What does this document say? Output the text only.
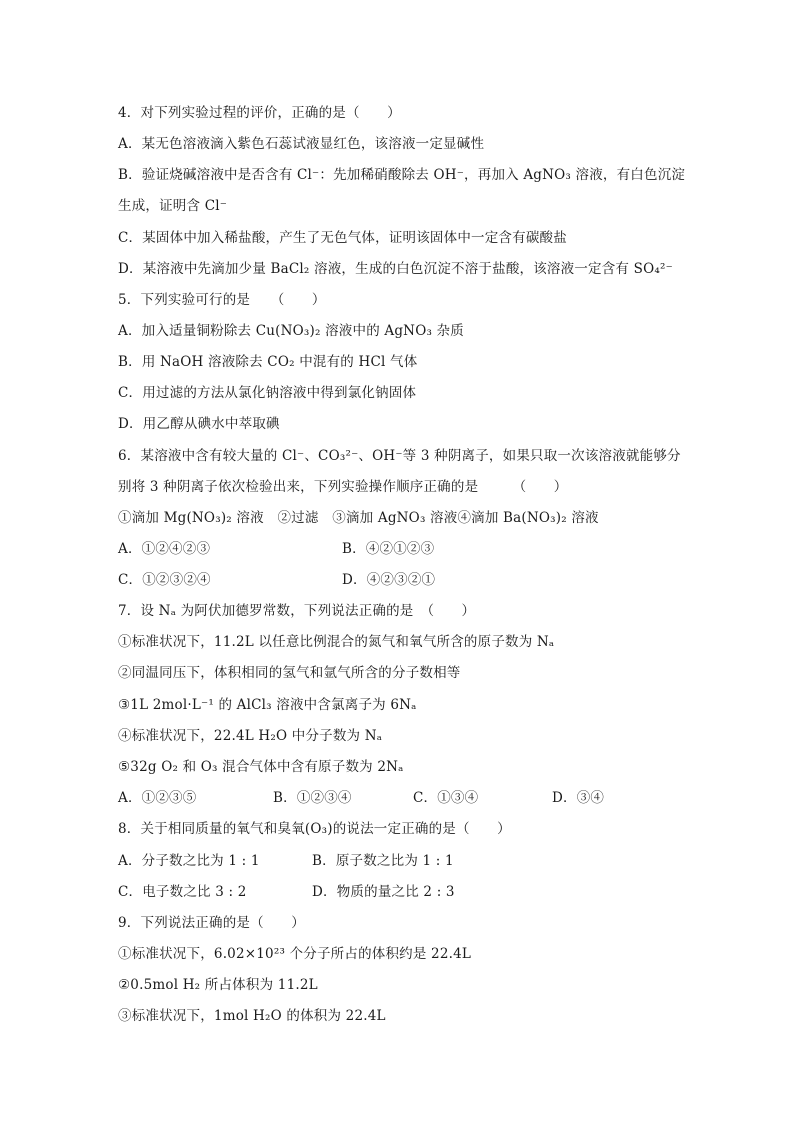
4．对下列实验过程的评价，正确的是（　　）
A．某无色溶液滴入紫色石蕊试液显红色，该溶液一定显碱性
B．验证烧碱溶液中是否含有 Cl⁻：先加稀硝酸除去 OH⁻，再加入 AgNO₃ 溶液，有白色沉淀
生成，证明含 Cl⁻
C．某固体中加入稀盐酸，产生了无色气体，证明该固体中一定含有碳酸盐
D．某溶液中先滴加少量 BaCl₂ 溶液，生成的白色沉淀不溶于盐酸，该溶液一定含有 SO₄²⁻
5．下列实验可行的是　　（　　）
A．加入适量铜粉除去 Cu(NO₃)₂ 溶液中的 AgNO₃ 杂质
B．用 NaOH 溶液除去 CO₂ 中混有的 HCl 气体
C．用过滤的方法从氯化钠溶液中得到氯化钠固体
D．用乙醇从碘水中萃取碘
6．某溶液中含有较大量的 Cl⁻、CO₃²⁻、OH⁻等 3 种阴离子，如果只取一次该溶液就能够分
别将 3 种阴离子依次检验出来，下列实验操作顺序正确的是　　　（　　）
①滴加 Mg(NO₃)₂ 溶液　②过滤　③滴加 AgNO₃ 溶液④滴加 Ba(NO₃)₂ 溶液
A．①②④②③	B．④②①②③
C．①②③②④	D．④②③②①
7．设 Nₐ 为阿伏加德罗常数，下列说法正确的是　（　　）
①标准状况下，11.2L 以任意比例混合的氮气和氧气所含的原子数为 Nₐ
②同温同压下，体积相同的氢气和氩气所含的分子数相等
③1L 2mol·L⁻¹ 的 AlCl₃ 溶液中含氯离子为 6Nₐ
④标准状况下，22.4L H₂O 中分子数为 Nₐ
⑤32g O₂ 和 O₃ 混合气体中含有原子数为 2Nₐ
A．①②③⑤	B．①②③④	C．①③④	D．③④
8．关于相同质量的氧气和臭氧(O₃)的说法一定正确的是（　　）
A．分子数之比为 1 : 1	B．原子数之比为 1 : 1
C．电子数之比 3 : 2	D．物质的量之比 2 : 3
9．下列说法正确的是（　　）
①标准状况下，6.02×10²³ 个分子所占的体积约是 22.4L
②0.5mol H₂ 所占体积为 11.2L
③标准状况下，1mol H₂O 的体积为 22.4L
